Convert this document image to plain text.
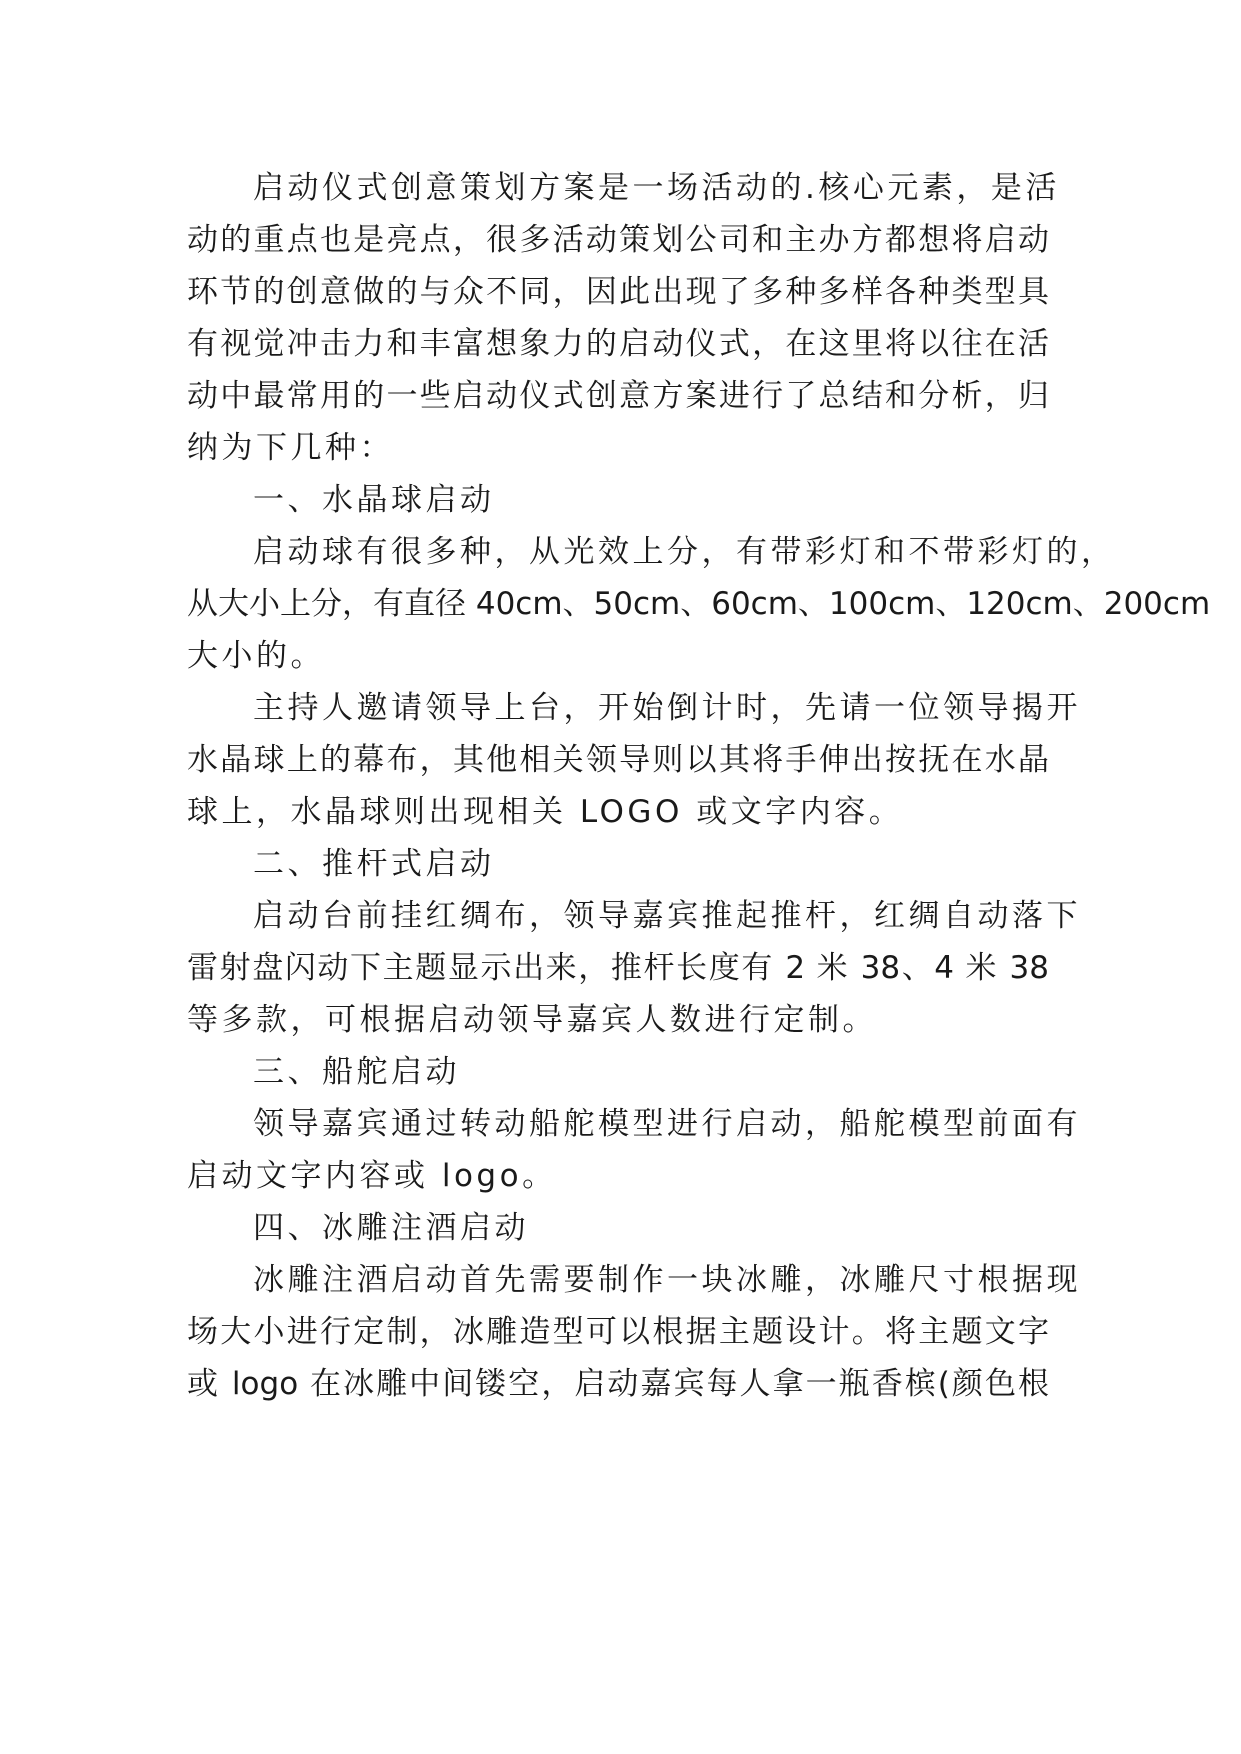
启动仪式创意策划方案是一场活动的.核心元素，是活
动的重点也是亮点，很多活动策划公司和主办方都想将启动
环节的创意做的与众不同，因此出现了多种多样各种类型具
有视觉冲击力和丰富想象力的启动仪式，在这里将以往在活
动中最常用的一些启动仪式创意方案进行了总结和分析，归
纳为下几种：
一、水晶球启动
启动球有很多种，从光效上分，有带彩灯和不带彩灯的，
从大小上分，有直径 40cm、50cm、60cm、100cm、120cm、200cm
大小的。
主持人邀请领导上台，开始倒计时，先请一位领导揭开
水晶球上的幕布，其他相关领导则以其将手伸出按抚在水晶
球上，水晶球则出现相关 LOGO 或文字内容。
二、推杆式启动
启动台前挂红绸布，领导嘉宾推起推杆，红绸自动落下
雷射盘闪动下主题显示出来，推杆长度有 2 米 38、4 米 38
等多款，可根据启动领导嘉宾人数进行定制。
三、船舵启动
领导嘉宾通过转动船舵模型进行启动，船舵模型前面有
启动文字内容或 logo。
四、冰雕注酒启动
冰雕注酒启动首先需要制作一块冰雕，冰雕尺寸根据现
场大小进行定制，冰雕造型可以根据主题设计。将主题文字
或 logo 在冰雕中间镂空，启动嘉宾每人拿一瓶香槟(颜色根
